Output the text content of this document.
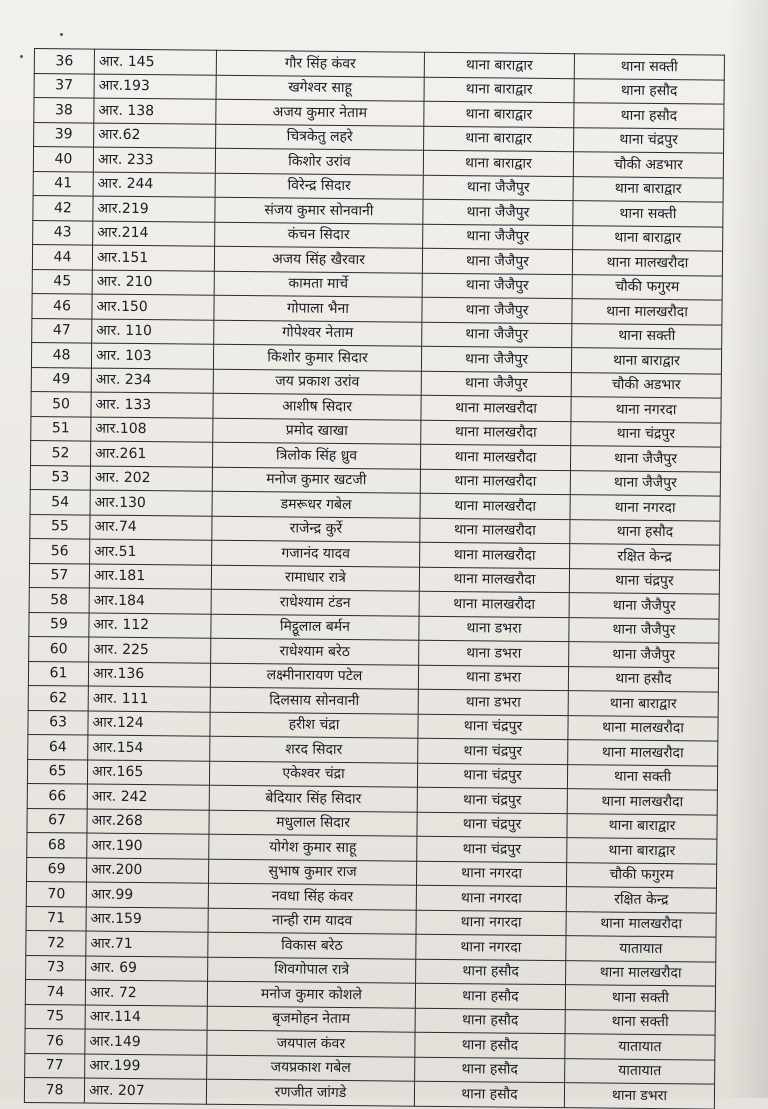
36	आर. 145	गौर सिंह कंवर	थाना बाराद्वार	थाना सक्ती
37	आर.193	खगेश्वर साहू	थाना बाराद्वार	थाना हसौद
38	आर. 138	अजय कुमार नेताम	थाना बाराद्वार	थाना हसौद
39	आर.62	चित्रकेतु लहरे	थाना बाराद्वार	थाना चंद्रपुर
40	आर. 233	किशोर उरांव	थाना बाराद्वार	चौकी अडभार
41	आर. 244	विरेन्द्र सिदार	थाना जैजैपुर	थाना बाराद्वार
42	आर.219	संजय कुमार सोनवानी	थाना जैजैपुर	थाना सक्ती
43	आर.214	कंचन सिदार	थाना जैजैपुर	थाना बाराद्वार
44	आर.151	अजय सिंह खैरवार	थाना जैजैपुर	थाना मालखरौदा
45	आर. 210	कामता मार्चे	थाना जैजैपुर	चौकी फगुरम
46	आर.150	गोपाला भैना	थाना जैजैपुर	थाना मालखरौदा
47	आर. 110	गोपेश्वर नेताम	थाना जैजैपुर	थाना सक्ती
48	आर. 103	किशोर कुमार सिदार	थाना जैजैपुर	थाना बाराद्वार
49	आर. 234	जय प्रकाश उरांव	थाना जैजैपुर	चौकी अडभार
50	आर. 133	आशीष सिदार	थाना मालखरौदा	थाना नगरदा
51	आर.108	प्रमोद खाखा	थाना मालखरौदा	थाना चंद्रपुर
52	आर.261	त्रिलोक सिंह ध्रुव	थाना मालखरौदा	थाना जैजैपुर
53	आर. 202	मनोज कुमार खटजी	थाना मालखरौदा	थाना जैजैपुर
54	आर.130	डमरूधर गबेल	थाना मालखरौदा	थाना नगरदा
55	आर.74	राजेन्द्र कुर्रे	थाना मालखरौदा	थाना हसौद
56	आर.51	गजानंद यादव	थाना मालखरौदा	रक्षित केन्द्र
57	आर.181	रामाधार रात्रे	थाना मालखरौदा	थाना चंद्रपुर
58	आर.184	राधेश्याम टंडन	थाना मालखरौदा	थाना जैजैपुर
59	आर. 112	मिट्ठूलाल बर्मन	थाना डभरा	थाना जैजैपुर
60	आर. 225	राधेश्याम बरेठ	थाना डभरा	थाना जैजैपुर
61	आर.136	लक्ष्मीनारायण पटेल	थाना डभरा	थाना हसौद
62	आर. 111	दिलसाय सोनवानी	थाना डभरा	थाना बाराद्वार
63	आर.124	हरीश चंद्रा	थाना चंद्रपुर	थाना मालखरौदा
64	आर.154	शरद सिदार	थाना चंद्रपुर	थाना मालखरौदा
65	आर.165	एकेश्वर चंद्रा	थाना चंद्रपुर	थाना सक्ती
66	आर. 242	बेदियार सिंह सिदार	थाना चंद्रपुर	थाना मालखरौदा
67	आर.268	मधुलाल सिदार	थाना चंद्रपुर	थाना बाराद्वार
68	आर.190	योगेश कुमार साहू	थाना चंद्रपुर	थाना बाराद्वार
69	आर.200	सुभाष कुमार राज	थाना नगरदा	चौकी फगुरम
70	आर.99	नवधा सिंह कंवर	थाना नगरदा	रक्षित केन्द्र
71	आर.159	नान्ही राम यादव	थाना नगरदा	थाना मालखरौदा
72	आर.71	विकास बरेठ	थाना नगरदा	यातायात
73	आर. 69	शिवगोपाल रात्रे	थाना हसौद	थाना मालखरौदा
74	आर. 72	मनोज कुमार कोशले	थाना हसौद	थाना सक्ती
75	आर.114	बृजमोहन नेताम	थाना हसौद	थाना सक्ती
76	आर.149	जयपाल कंवर	थाना हसौद	यातायात
77	आर.199	जयप्रकाश गबेल	थाना हसौद	यातायात
78	आर. 207	रणजीत जांगडे	थाना हसौद	थाना डभरा
